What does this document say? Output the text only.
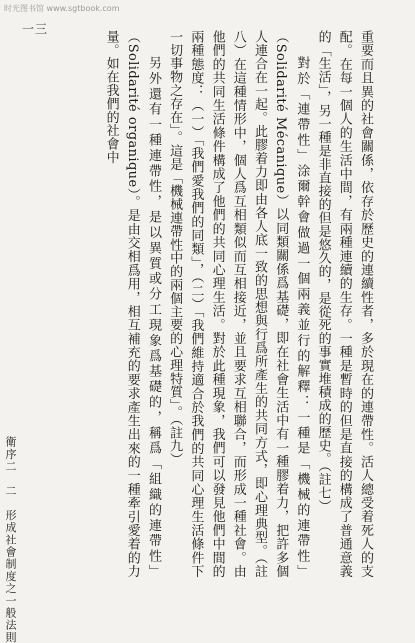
时光图书馆 www.sgtbook.com
一三

重要而且異的社會關係，依存於歷史的連續性者，多於現在的連帶性。活人總受着死人的支配。在每一個人的生活中間，有兩種連續的生存。一種是暫時的但是直接的構成了普通意義的「生活」，另一種是非直接的但是悠久的，是從死的事實堆積成的歷史。（註七）

對於「連帶性」涂爾幹會做過一個兩義並行的解釋：一種是「機械的連帶性」（Solidarité Mécanique）以同類關係爲基礎，即在社會生活中有一種膠着力，把許多個人連合在一起。此膠着力即由各人底一致的思想與行爲所產生的共同方式，即心理典型。（註八）在這種情形中，個人爲互相類似而互相接近，並且要求互相聯合，而形成一種社會。由他們的共同生活條件構成了他們的共同心理生活。對於此種現象，我們可以發見他們中間的兩種態度：（一）「我們愛我們的同類」，（二）「我們維持適合於我們的共同心理生活條件下一切事物之存在」。這是「機械連帶性中的兩個主要的心理特質」。（註九）

另外還有一種連帶性，是以異質或分工現象爲基礎的，稱爲「組織的連帶性」（Solidarité organique）。是由交相爲用，相互補充的要求產生出來的一種牽引愛着的力量。如在我們的社會中

衛序二　二　形成社會制度之一般法則
